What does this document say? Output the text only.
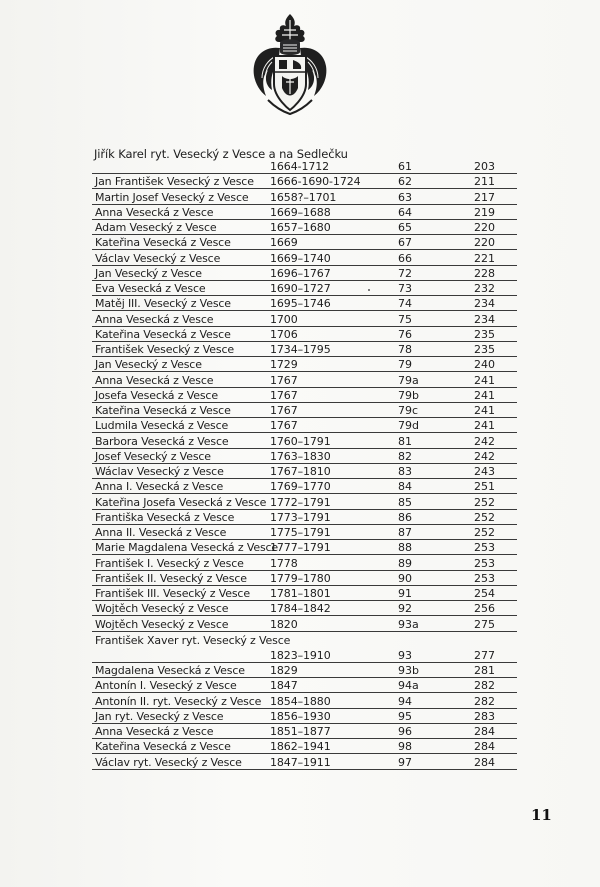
Jiřík Karel ryt. Vesecký z Vesce a na Sedlečku
1664-1712	61	203
Jan František Vesecký z Vesce 1666-1690-1724	62	211
Martin Josef Vesecký z Vesce 1658?–1701	63	217
Anna Vesecká z Vesce	1669–1688	64	219
Adam Vesecký z Vesce	1657–1680	65	220
Kateřina Vesecká z Vesce	1669	67	220
Václav Vesecký z Vesce	1669–1740	66	221
Jan Vesecký z Vesce	1696–1767	72	228
Eva Vesecká z Vesce	1690–1727	73	232
Matěj III. Vesecký z Vesce	1695–1746	74	234
Anna Vesecká z Vesce	1700	75	234
Kateřina Vesecká z Vesce	1706	76	235
František Vesecký z Vesce	1734–1795	78	235
Jan Vesecký z Vesce	1729	79	240
Anna Vesecká z Vesce	1767	79a	241
Josefa Vesecká z Vesce	1767	79b	241
Kateřina Vesecká z Vesce	1767	79c	241
Ludmila Vesecká z Vesce	1767	79d	241
Barbora Vesecká z Vesce	1760–1791	81	242
Josef Vesecký z Vesce	1763–1830	82	242
Wáclav Vesecký z Vesce	1767–1810	83	243
Anna I. Vesecká z Vesce	1769–1770	84	251
Kateřina Josefa Vesecká z Vesce 1772–1791	85	252
Františka Vesecká z Vesce	1773–1791	86	252
Anna II. Vesecká z Vesce	1775–1791	87	252
Marie Magdalena Vesecká z Vesce
1777–1791	88	253
František I. Vesecký z Vesce 1778	89	253
František II. Vesecký z Vesce 1779–1780	90	253
František III. Vesecký z Vesce 1781–1801	91	254
Wojtěch Vesecký z Vesce	1784–1842	92	256
Wojtěch Vesecký z Vesce	1820	93a	275
František Xaver ryt. Vesecký z Vesce
1823–1910	93	277
Magdalena Vesecká z Vesce 1829	93b	281
Antonín I. Vesecký z Vesce	1847	94a	282
Antonín II. ryt. Vesecký z Vesce 1854–1880	94	282
Jan ryt. Vesecký z Vesce	1856–1930	95	283
Anna Vesecká z Vesce	1851–1877	96	284
Kateřina Vesecká z Vesce	1862–1941	98	284
Václav ryt. Vesecký z Vesce	1847–1911	97	284
11
